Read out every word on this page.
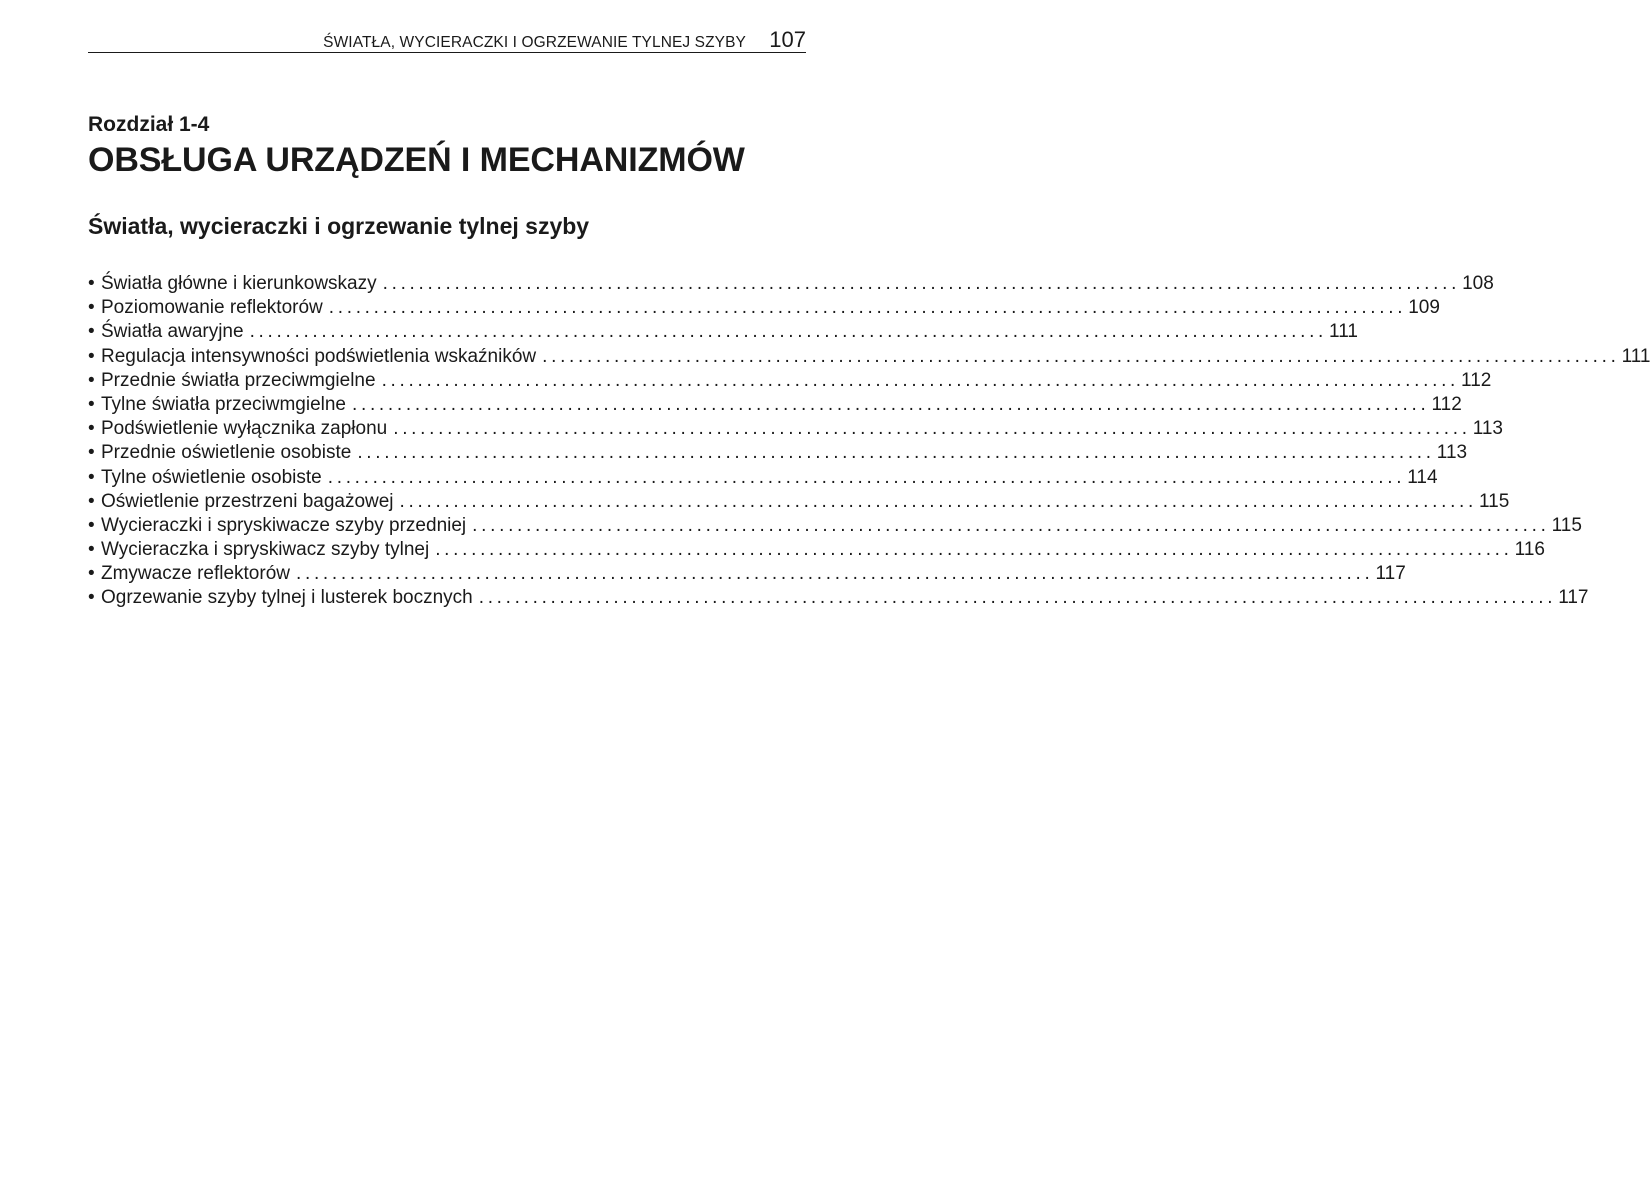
ŚWIATŁA, WYCIERACZKI I OGRZEWANIE TYLNEJ SZYBY 107
Rozdział 1-4
OBSŁUGA URZĄDZEŃ I MECHANIZMÓW
Światła, wycieraczki i ogrzewanie tylnej szyby
• Światła główne i kierunkowskazy ........................................................................................................................ 108
• Poziomowanie reflektorów ........................................................................................................................ 109
• Światła awaryjne ........................................................................................................................ 111
• Regulacja intensywności podświetlenia wskaźników ........................................................................................................................ 111
• Przednie światła przeciwmgielne ........................................................................................................................ 112
• Tylne światła przeciwmgielne ........................................................................................................................ 112
• Podświetlenie wyłącznika zapłonu ........................................................................................................................ 113
• Przednie oświetlenie osobiste ........................................................................................................................ 113
• Tylne oświetlenie osobiste ........................................................................................................................ 114
• Oświetlenie przestrzeni bagażowej ........................................................................................................................ 115
• Wycieraczki i spryskiwacze szyby przedniej ........................................................................................................................ 115
• Wycieraczka i spryskiwacz szyby tylnej ........................................................................................................................ 116
• Zmywacze reflektorów ........................................................................................................................ 117
• Ogrzewanie szyby tylnej i lusterek bocznych ........................................................................................................................ 117
